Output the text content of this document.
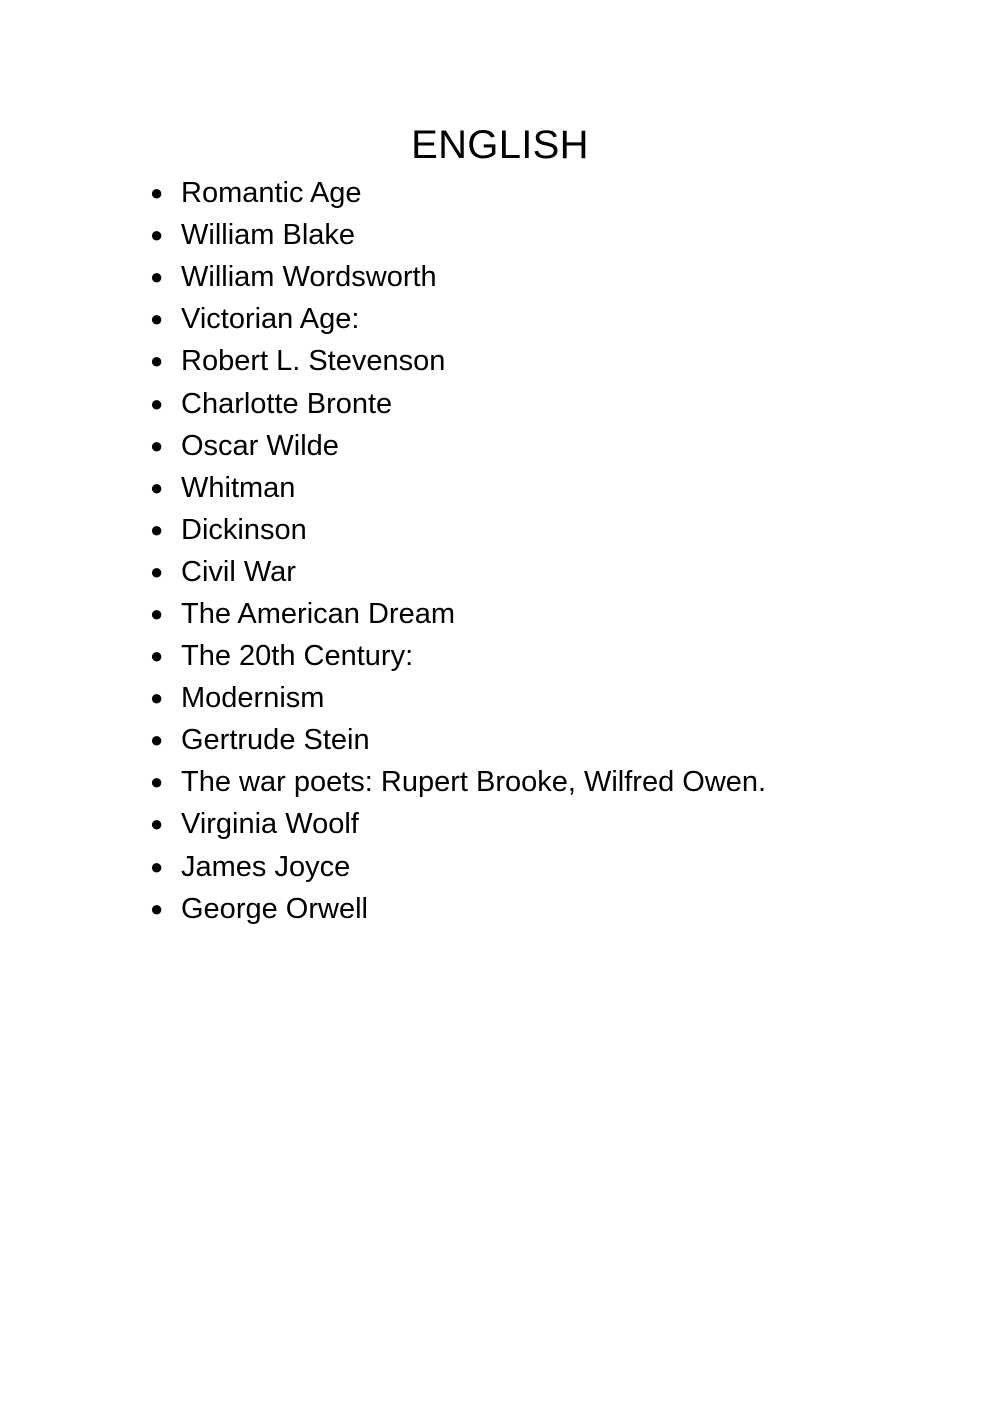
ENGLISH
●
Romantic Age
●
William Blake
●
William Wordsworth
●
Victorian Age:
●
Robert L. Stevenson
●
Charlotte Bronte
●
Oscar Wilde
●
Whitman
●
Dickinson
●
Civil War
●
The American Dream
●
The 20th Century:
●
Modernism
●
Gertrude Stein
●
The war poets: Rupert Brooke, Wilfred Owen.
●
Virginia Woolf
●
James Joyce
●
George Orwell
